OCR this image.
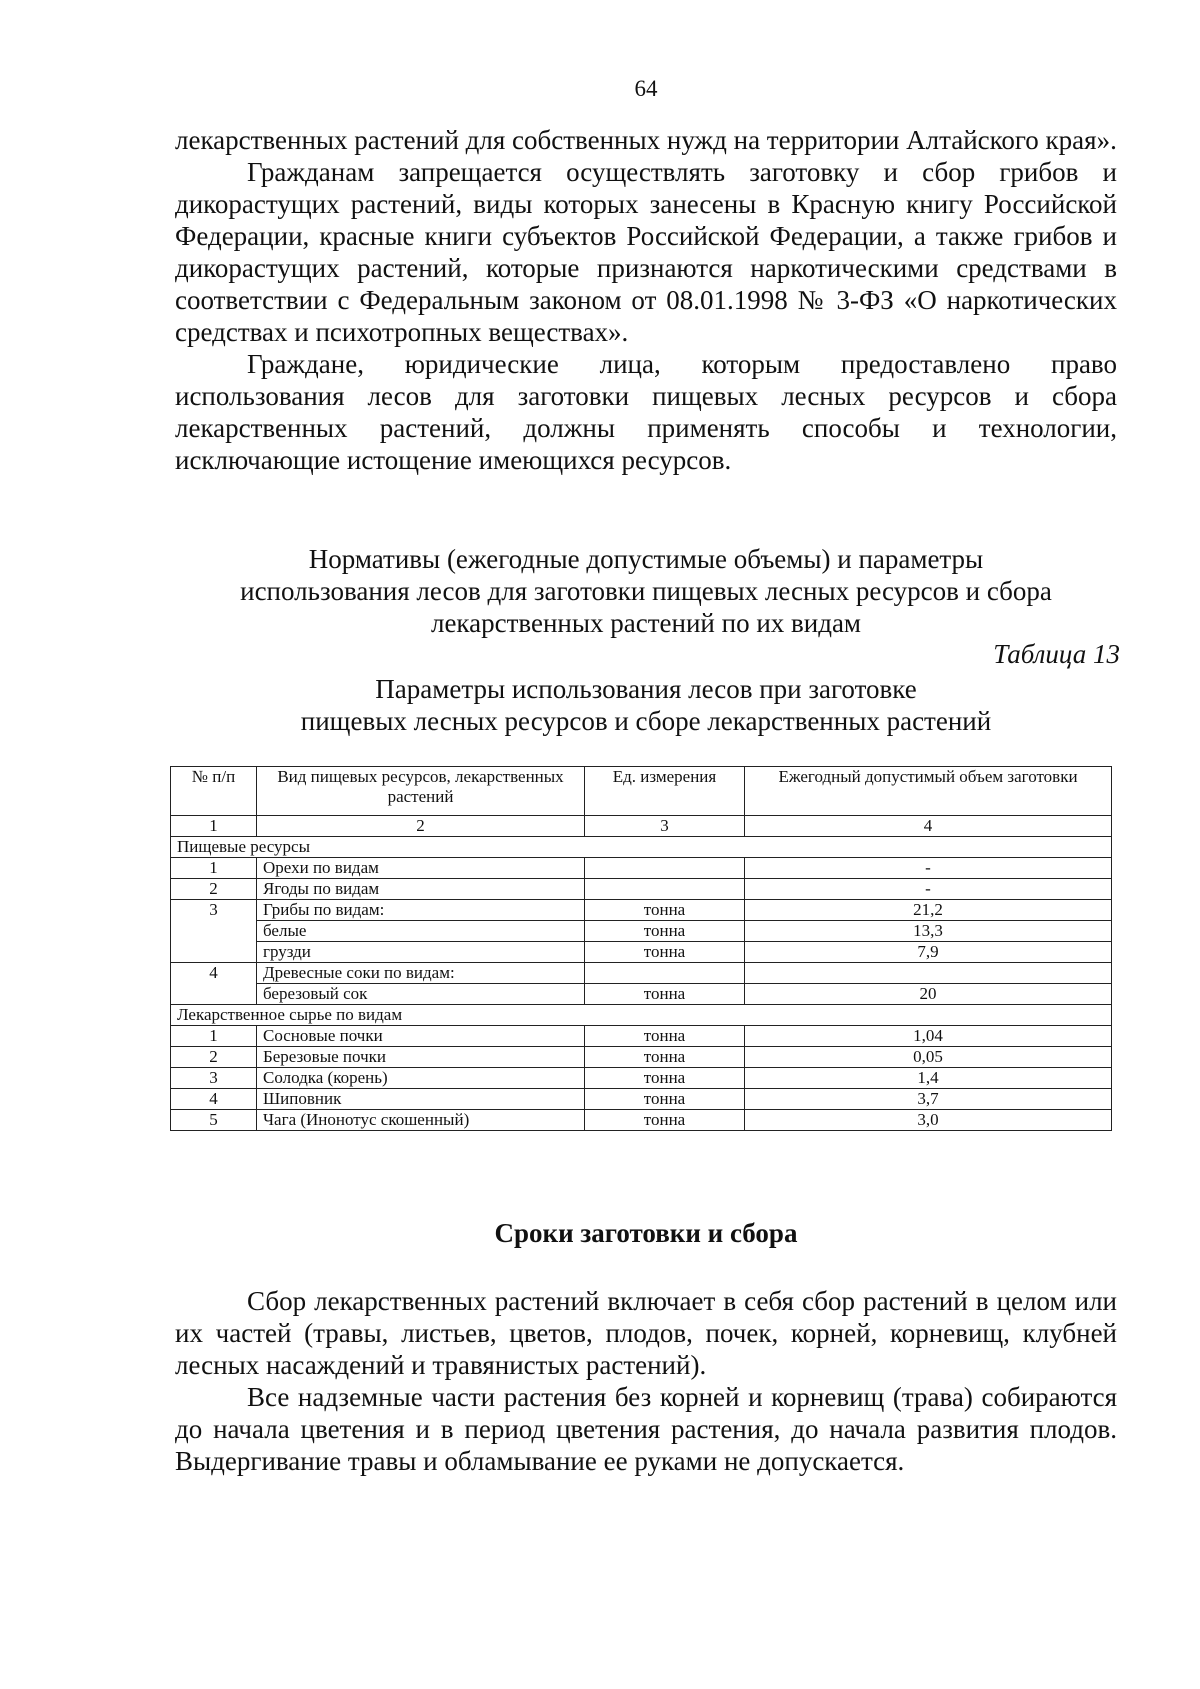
64

лекарственных растений для собственных нужд на территории Алтайского края».

Гражданам запрещается осуществлять заготовку и сбор грибов и дикорастущих растений, виды которых занесены в Красную книгу Российской Федерации, красные книги субъектов Российской Федерации, а также грибов и дикорастущих растений, которые признаются наркотическими средствами в соответствии с Федеральным законом от 08.01.1998 № 3-ФЗ «О наркотических средствах и психотропных веществах».

Граждане, юридические лица, которым предоставлено право использования лесов для заготовки пищевых лесных ресурсов и сбора лекарственных растений, должны применять способы и технологии, исключающие истощение имеющихся ресурсов.

Нормативы (ежегодные допустимые объемы) и параметры
использования лесов для заготовки пищевых лесных ресурсов и сбора
лекарственных растений по их видам
Таблица 13
Параметры использования лесов при заготовке
пищевых лесных ресурсов и сборе лекарственных растений
№ п/п	Вид пищевых ресурсов, лекарственных растений	Ед. измерения	Ежегодный допустимый объем заготовки
1	2	3	4
Пищевые ресурсы			
1	Орехи по видам		-
2	Ягоды по видам		-
3	Грибы по видам:	тонна	21,2
	белые	тонна	13,3
	грузди	тонна	7,9
4	Древесные соки по видам:		
	березовый сок	тонна	20
Лекарственное сырье по видам			
1	Сосновые почки	тонна	1,04
2	Березовые почки	тонна	0,05
3	Солодка (корень)	тонна	1,4
4	Шиповник	тонна	3,7
5	Чага (Инонотус скошенный)	тонна	3,0
Сроки заготовки и сбора

Сбор лекарственных растений включает в себя сбор растений в целом или их частей (травы, листьев, цветов, плодов, почек, корней, корневищ, клубней лесных насаждений и травянистых растений).

Все надземные части растения без корней и корневищ (трава) собираются до начала цветения и в период цветения растения, до начала развития плодов. Выдергивание травы и обламывание ее руками не допускается.
